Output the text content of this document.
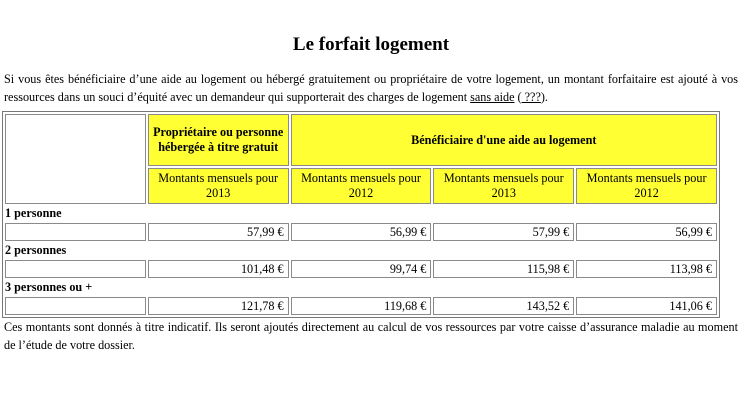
Le forfait logement

Si vous êtes bénéficiaire d’une aide au logement ou hébergé gratuitement ou propriétaire de votre logement, un montant forfaitaire est ajouté à vos ressources dans un souci d’équité avec un demandeur qui supporterait des charges de logement sans aide ( ???).

	Propriétaire ou personne hébergée à titre gratuit	Bénéficiaire d'une aide au logement		
	Montants mensuels pour 2013	Montants mensuels pour 2012	Montants mensuels pour 2013	Montants mensuels pour 2012
1 personne				
	57,99 €	56,99 €	57,99 €	56,99 €
2 personnes				
	101,48 €	99,74 €	115,98 €	113,98 €
3 personnes ou +				
	121,78 €	119,68 €	143,52 €	141,06 €

Ces montants sont donnés à titre indicatif. Ils seront ajoutés directement au calcul de vos ressources par votre caisse d’assurance maladie au moment de l’étude de votre dossier.
